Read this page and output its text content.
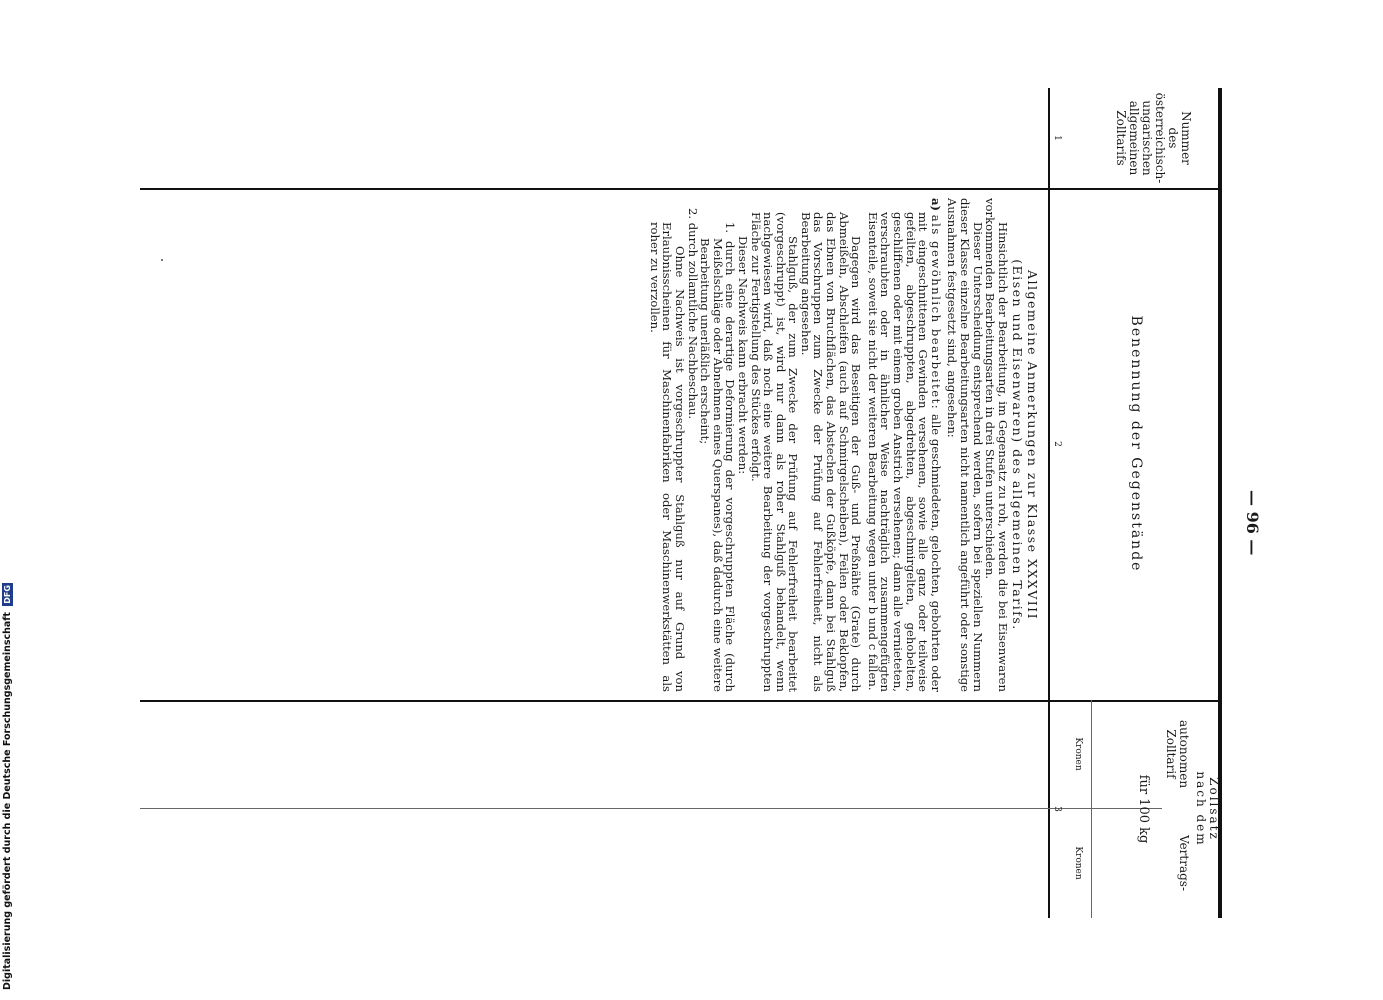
— 96 —
Digitalisierung gefördert durch die Deutsche Forschungsgemeinschaft DFG
Nummer
des
österreichisch-
ungarischen
allgemeinen
Zolltarifs
1
Benennung der Gegenstände
2
Zollsatz
nach dem
autonomen
Zolltarif
Vertrags-
für 100 kg
Kronen
Kronen
3
Allgemeine Anmerkungen zur Klasse XXXVIII
(Eisen und Eisenwaren) des allgemeinen Tarifs.

Hinsichtlich der Bearbeitung, im Gegensatz zu roh, werden die bei Eisenwaren vorkommenden Bearbeitungsarten in drei Stufen unterschieden.

Dieser Unterscheidung entsprechend werden, sofern bei speziellen Nummern dieser Klasse einzelne Bearbeitungsarten nicht namentlich angeführt oder sonstige Ausnahmen festgesetzt sind, angesehen:

a) als gewöhnlich bearbeitet: alle geschmiedeten, gelochten, gebohrten oder mit eingeschnittenen Gewinden versehenen, sowie alle ganz oder teilweise gefeilten, abgeschruppten, abgedrehten, abgeschmirgelten, gehobelten, geschliffenen oder mit einem groben Anstrich versehenen; dann alle vernieteten, verschraubten oder in ähnlicher Weise nachträglich zusammengefügten Eisenteile, soweit sie nicht der weiteren Bearbeitung wegen unter b und c fallen.

Dagegen wird das Beseitigen der Guß- und Preßnähte (Grate) durch Abmeißeln, Abschleifen (auch auf Schmirgelscheiben), Feilen oder Beklopfen, das Ebnen von Bruchflächen, das Abstechen der Gußköpfe, dann bei Stahlguß das Vorschruppen zum Zwecke der Prüfung auf Fehlerfreiheit, nicht als Bearbeitung angesehen.

Stahlguß, der zum Zwecke der Prüfung auf Fehlerfreiheit bearbeitet (vorgeschruppt) ist, wird nur dann als roher Stahlguß behandelt, wenn nachgewiesen wird, daß noch eine weitere Bearbeitung der vorgeschruppten Fläche zur Fertigstellung des Stückes erfolgt.

Dieser Nachweis kann erbracht werden:

1. durch eine derartige Deformierung der vorgeschruppten Fläche (durch Meißelschläge oder Abnehmen eines Querspanes), daß dadurch eine weitere Bearbeitung unerläßlich erscheint;

2. durch zollamtliche Nachbeschau.

Ohne Nachweis ist vorgeschruppter Stahlguß nur auf Grund von Erlaubnisscheinen für Maschinenfabriken oder Maschinenwerkstätten als roher zu verzollen.
